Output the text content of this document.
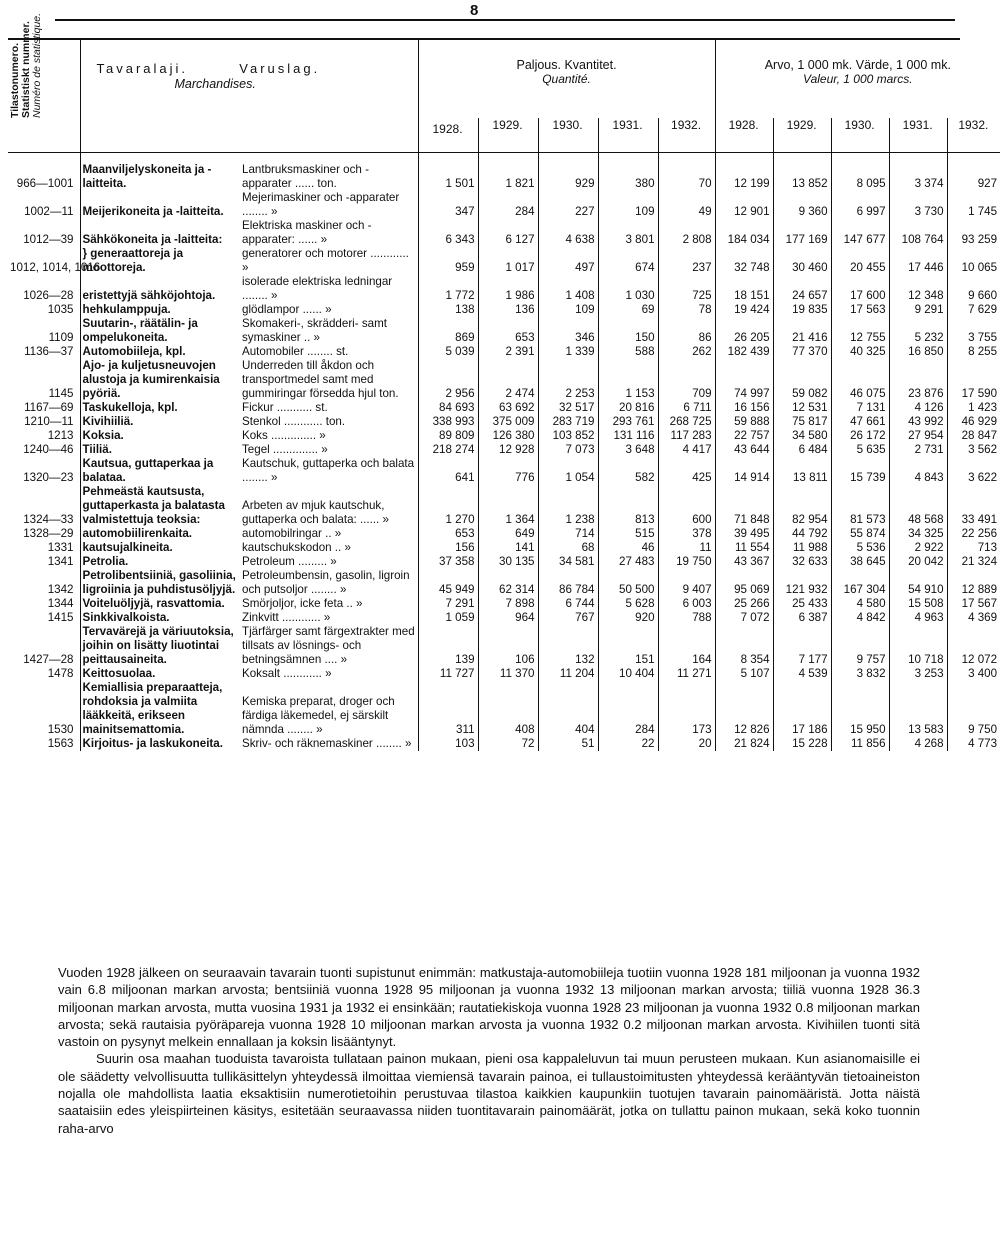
8
Tilastonumero.
Statistiskt nummer.
Numéro de statistique.	Tavaralaji. Varuslag.
Marchandises.		Paljous. Kvantitet.
Quantité.					Arvo, 1 000 mk. Värde, 1 000 mk.
Valeur, 1 000 marcs.				
			1928.	1929.	1930.	1931.	1932.	1928.	1929.	1930.	1931.	1932.
966—1001	Maanviljelyskoneita ja -laitteita.	Lantbruksmaskiner och -apparater ...... ton.	1 501	1 821	929	380	70	12 199	13 852	8 095	3 374	927
1002—11	Meijerikoneita ja -laitteita.	Mejerimaskiner och -apparater ........ »	347	284	227	109	49	12 901	9 360	6 997	3 730	1 745
1012—39	Sähkökoneita ja -laitteita:	Elektriska maskiner och -apparater: ...... »	6 343	6 127	4 638	3 801	2 808	184 034	177 169	147 677	108 764	93 259
1012, 1014, 1016	} generaattoreja ja moottoreja.	generatorer och motorer ............ »	959	1 017	497	674	237	32 748	30 460	20 455	17 446	10 065
1026—28	eristettyjä sähköjohtoja.	isolerade elektriska ledningar ........ »	1 772	1 986	1 408	1 030	725	18 151	24 657	17 600	12 348	9 660
1035	hehkulamppuja.	glödlampor ...... »	138	136	109	69	78	19 424	19 835	17 563	9 291	7 629
1109	Suutarin-, räätälin- ja ompelukoneita.	Skomakeri-, skrädderi- samt symaskiner .. »	869	653	346	150	86	26 205	21 416	12 755	5 232	3 755
1136—37	Automobiileja, kpl.	Automobiler ........ st.	5 039	2 391	1 339	588	262	182 439	77 370	40 325	16 850	8 255
1145	Ajo- ja kuljetusneuvojen alustoja ja kumirenkaisia pyöriä.	Underreden till åkdon och transportmedel samt med gummiringar försedda hjul ton.	2 956	2 474	2 253	1 153	709	74 997	59 082	46 075	23 876	17 590
1167—69	Taskukelloja, kpl.	Fickur ........... st.	84 693	63 692	32 517	20 816	6 711	16 156	12 531	7 131	4 126	1 423
1210—11	Kivihiiliä.	Stenkol ............ ton.	338 993	375 009	283 719	293 761	268 725	59 888	75 817	47 661	43 992	46 929
1213	Koksia.	Koks .............. »	89 809	126 380	103 852	131 116	117 283	22 757	34 580	26 172	27 954	28 847
1240—46	Tiiliä.	Tegel .............. »	218 274	12 928	7 073	3 648	4 417	43 644	6 484	5 635	2 731	3 562
1320—23	Kautsua, guttaperkaa ja balataa.	Kautschuk, guttaperka och balata ........ »	641	776	1 054	582	425	14 914	13 811	15 739	4 843	3 622
1324—33	Pehmeästä kautsusta, guttaperkasta ja balatasta valmistettuja teoksia:	Arbeten av mjuk kautschuk, guttaperka och balata: ...... »	1 270	1 364	1 238	813	600	71 848	82 954	81 573	48 568	33 491
1328—29	automobiilirenkaita.	automobilringar .. »	653	649	714	515	378	39 495	44 792	55 874	34 325	22 256
1331	kautsujalkineita.	kautschukskodon .. »	156	141	68	46	11	11 554	11 988	5 536	2 922	713
1341	Petrolia.	Petroleum ......... »	37 358	30 135	34 581	27 483	19 750	43 367	32 633	38 645	20 042	21 324
1342	Petrolibentsiiniä, gasoliinia, ligroiinia ja puhdistusöljyjä.	Petroleumbensin, gasolin, ligroin och putsoljor ........ »	45 949	62 314	86 784	50 500	9 407	95 069	121 932	167 304	54 910	12 889
1344	Voiteluöljyjä, rasvattomia.	Smörjoljor, icke feta .. »	7 291	7 898	6 744	5 628	6 003	25 266	25 433	4 580	15 508	17 567
1415	Sinkkivalkoista.	Zinkvitt ............ »	1 059	964	767	920	788	7 072	6 387	4 842	4 963	4 369
1427—28	Tervavärejä ja väriuutoksia, joihin on lisätty liuotintai peittausaineita.	Tjärfärger samt färgextrakter med tillsats av lösnings- och betningsämnen .... »	139	106	132	151	164	8 354	7 177	9 757	10 718	12 072
1478	Keittosuolaa.	Koksalt ............ »	11 727	11 370	11 204	10 404	11 271	5 107	4 539	3 832	3 253	3 400
1530	Kemiallisia preparaatteja, rohdoksia ja valmiita lääkkeitä, erikseen mainitsemattomia.	Kemiska preparat, droger och färdiga läkemedel, ej särskilt nämnda ........ »	311	408	404	284	173	12 826	17 186	15 950	13 583	9 750
1563	Kirjoitus- ja laskukoneita.	Skriv- och räknemaskiner ........ »	103	72	51	22	20	21 824	15 228	11 856	4 268	4 773

Vuoden 1928 jälkeen on seuraavain tavarain tuonti supistunut enimmän: matkustaja-automobiileja tuotiin vuonna 1928 181 miljoonan ja vuonna 1932 vain 6.8 miljoonan markan arvosta; bentsiiniä vuonna 1928 95 miljoonan ja vuonna 1932 13 miljoonan markan arvosta; tiiliä vuonna 1928 36.3 miljoonan markan arvosta, mutta vuosina 1931 ja 1932 ei ensinkään; rautatiekiskoja vuonna 1928 23 miljoonan ja vuonna 1932 0.8 miljoonan markan arvosta; sekä rautaisia pyöräpareja vuonna 1928 10 miljoonan markan arvosta ja vuonna 1932 0.2 miljoonan markan arvosta. Kivihiilen tuonti sitä vastoin on pysynyt melkein ennallaan ja koksin lisääntynyt.

Suurin osa maahan tuoduista tavaroista tullataan painon mukaan, pieni osa kappaleluvun tai muun perusteen mukaan. Kun asianomaisille ei ole säädetty velvollisuutta tullikäsittelyn yhteydessä ilmoittaa viemiensä tavarain painoa, ei tullaustoimitusten yhteydessä kerääntyvän tietoaineiston nojalla ole mahdollista laatia eksaktisiin numerotietoihin perustuvaa tilastoa kaikkien kaupunkiin tuotujen tavarain painomääristä. Jotta näistä saataisiin edes yleispiirteinen käsitys, esitetään seuraavassa niiden tuontitavarain painomäärät, jotka on tullattu painon mukaan, sekä koko tuonnin raha-arvo
